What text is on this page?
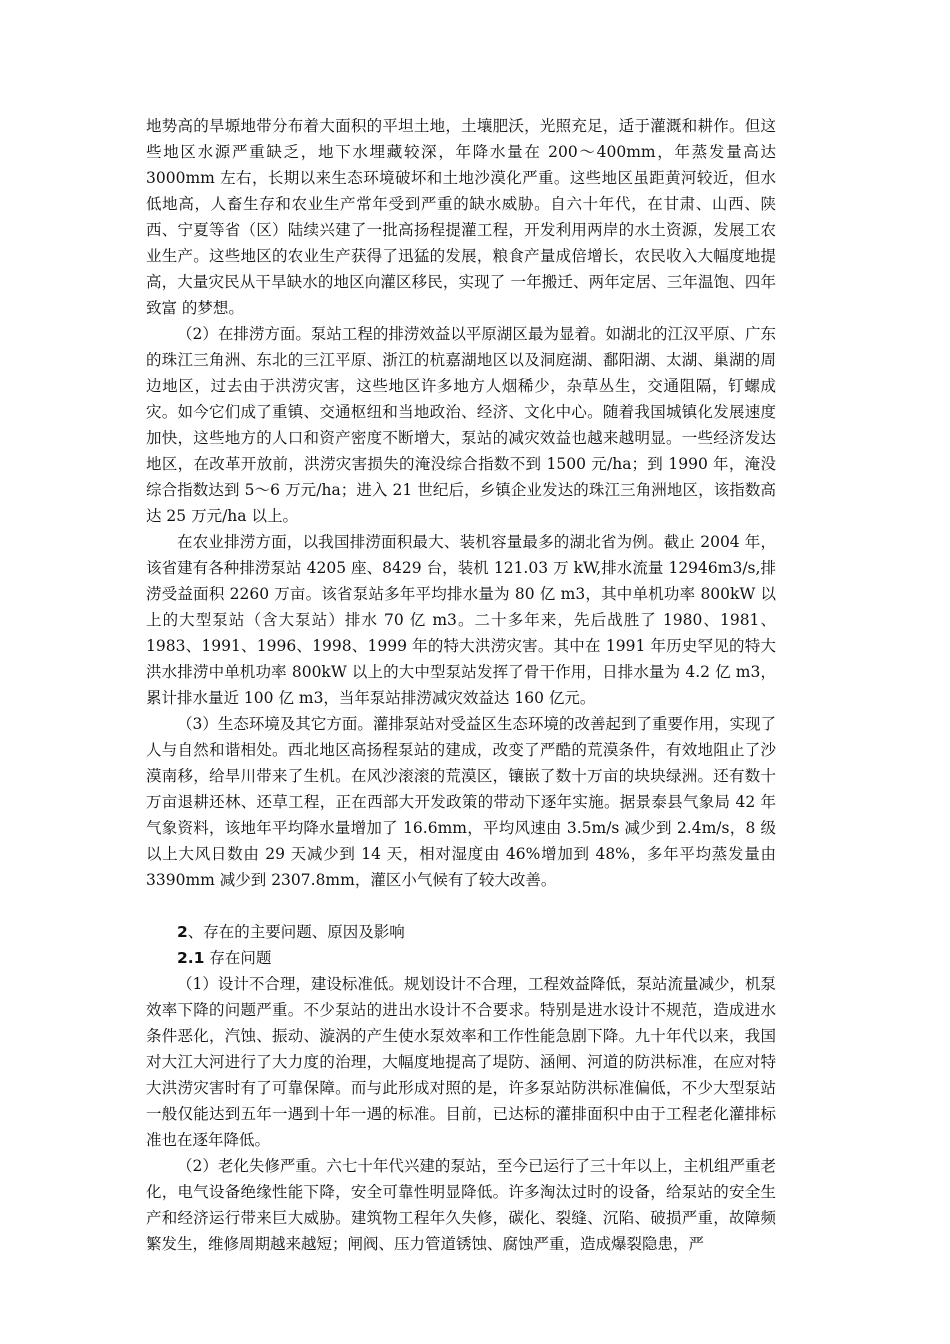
地势高的旱塬地带分布着大面积的平坦土地，土壤肥沃，光照充足，适于灌溉和耕作。但这些地区水源严重缺乏，地下水埋藏较深，年降水量在 200～400mm，年蒸发量高达 3000mm 左右，长期以来生态环境破坏和土地沙漠化严重。这些地区虽距黄河较近，但水低地高，人畜生存和农业生产常年受到严重的缺水威胁。自六十年代，在甘肃、山西、陕西、宁夏等省（区）陆续兴建了一批高扬程提灌工程，开发利用两岸的水土资源，发展工农业生产。这些地区的农业生产获得了迅猛的发展，粮食产量成倍增长，农民收入大幅度地提高，大量灾民从干旱缺水的地区向灌区移民，实现了 一年搬迁、两年定居、三年温饱、四年致富 的梦想。

（2）在排涝方面。泵站工程的排涝效益以平原湖区最为显着。如湖北的江汉平原、广东的珠江三角洲、东北的三江平原、浙江的杭嘉湖地区以及洞庭湖、鄱阳湖、太湖、巢湖的周边地区，过去由于洪涝灾害，这些地区许多地方人烟稀少，杂草丛生，交通阻隔，钉螺成灾。如今它们成了重镇、交通枢纽和当地政治、经济、文化中心。随着我国城镇化发展速度加快，这些地方的人口和资产密度不断增大，泵站的减灾效益也越来越明显。一些经济发达地区，在改革开放前，洪涝灾害损失的淹没综合指数不到 1500 元/ha；到 1990 年，淹没综合指数达到 5～6 万元/ha；进入 21 世纪后，乡镇企业发达的珠江三角洲地区，该指数高达 25 万元/ha 以上。

在农业排涝方面，以我国排涝面积最大、装机容量最多的湖北省为例。截止 2004 年，该省建有各种排涝泵站 4205 座、8429 台，装机 121.03 万 kW,排水流量 12946m3/s,排涝受益面积 2260 万亩。该省泵站多年平均排水量为 80 亿 m3，其中单机功率 800kW 以上的大型泵站（含大泵站）排水 70 亿 m3。二十多年来，先后战胜了 1980、1981、1983、1991、1996、1998、1999 年的特大洪涝灾害。其中在 1991 年历史罕见的特大洪水排涝中单机功率 800kW 以上的大中型泵站发挥了骨干作用，日排水量为 4.2 亿 m3，累计排水量近 100 亿 m3，当年泵站排涝减灾效益达 160 亿元。

（3）生态环境及其它方面。灌排泵站对受益区生态环境的改善起到了重要作用，实现了人与自然和谐相处。西北地区高扬程泵站的建成，改变了严酷的荒漠条件，有效地阻止了沙漠南移，给旱川带来了生机。在风沙滚滚的荒漠区，镶嵌了数十万亩的块块绿洲。还有数十万亩退耕还林、还草工程，正在西部大开发政策的带动下逐年实施。据景泰县气象局 42 年气象资料，该地年平均降水量增加了 16.6mm，平均风速由 3.5m/s 减少到 2.4m/s，8 级以上大风日数由 29 天减少到 14 天，相对湿度由 46%增加到 48%，多年平均蒸发量由 3390mm 减少到 2307.8mm，灌区小气候有了较大改善。

2、存在的主要问题、原因及影响

2.1 存在问题

（1）设计不合理，建设标准低。规划设计不合理，工程效益降低，泵站流量减少，机泵效率下降的问题严重。不少泵站的进出水设计不合要求。特别是进水设计不规范，造成进水条件恶化，汽蚀、振动、漩涡的产生使水泵效率和工作性能急剧下降。九十年代以来，我国对大江大河进行了大力度的治理，大幅度地提高了堤防、涵闸、河道的防洪标准，在应对特大洪涝灾害时有了可靠保障。而与此形成对照的是，许多泵站防洪标准偏低，不少大型泵站一般仅能达到五年一遇到十年一遇的标准。目前，已达标的灌排面积中由于工程老化灌排标准也在逐年降低。

（2）老化失修严重。六七十年代兴建的泵站，至今已运行了三十年以上，主机组严重老化，电气设备绝缘性能下降，安全可靠性明显降低。许多淘汰过时的设备，给泵站的安全生产和经济运行带来巨大威胁。建筑物工程年久失修，碳化、裂缝、沉陷、破损严重，故障频繁发生，维修周期越来越短；闸阀、压力管道锈蚀、腐蚀严重，造成爆裂隐患，严
